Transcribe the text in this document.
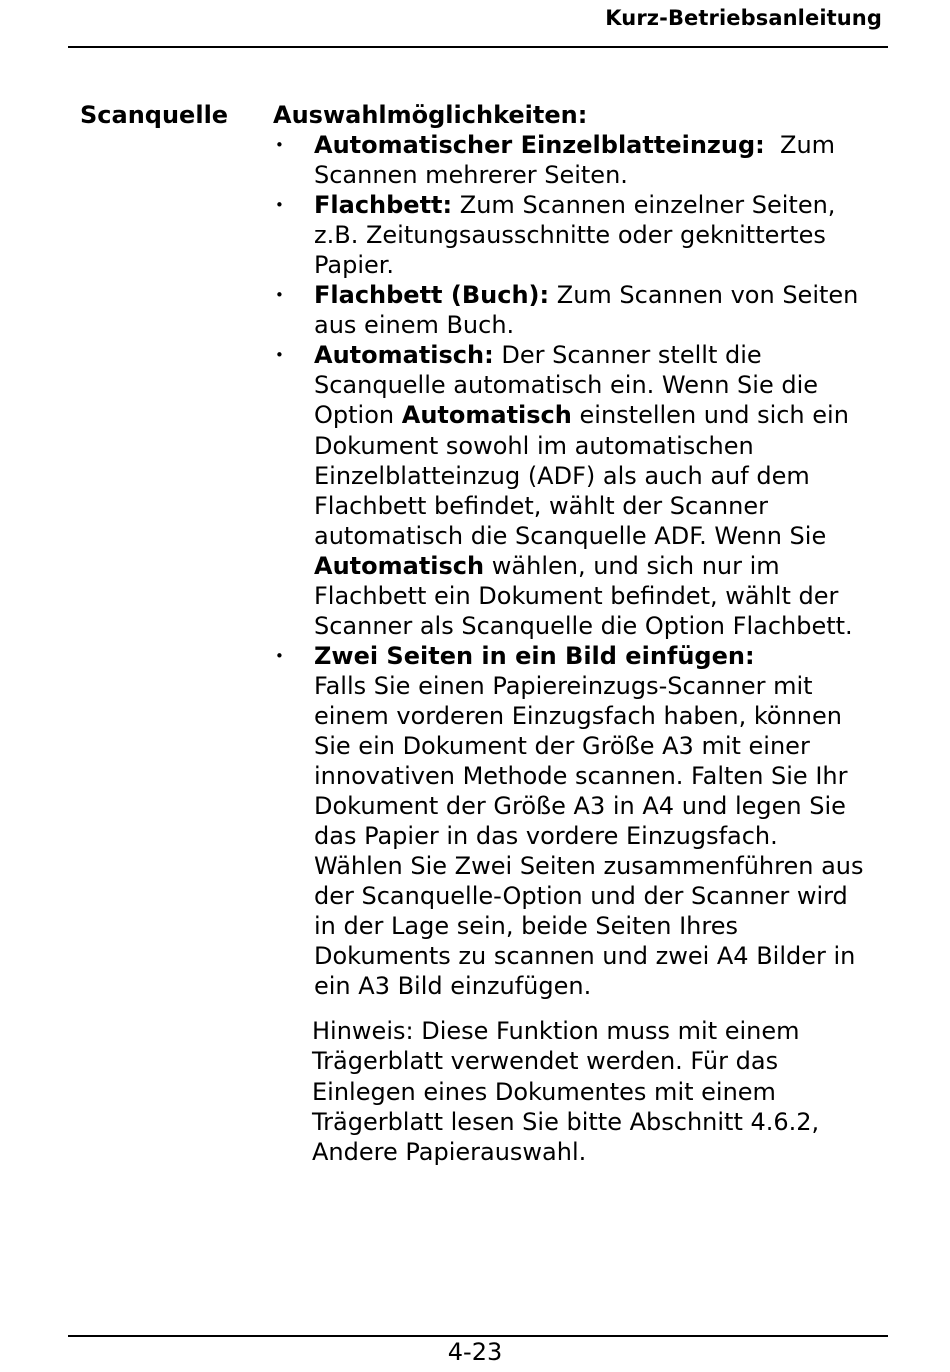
Kurz-Betriebsanleitung
Scanquelle Auswahlmöglichkeiten:

• Automatischer Einzelblatteinzug: Zum Scannen mehrerer Seiten.
• Flachbett: Zum Scannen einzelner Seiten, z.B. Zeitungsausschnitte oder geknittertes Papier.
• Flachbett (Buch): Zum Scannen von Seiten aus einem Buch.
• Automatisch: Der Scanner stellt die Scanquelle automatisch ein. Wenn Sie die Option Automatisch einstellen und sich ein Dokument sowohl im automatischen Einzelblatteinzug (ADF) als auch auf dem Flachbett befindet, wählt der Scanner automatisch die Scanquelle ADF. Wenn Sie Automatisch wählen, und sich nur im Flachbett ein Dokument befindet, wählt der Scanner als Scanquelle die Option Flachbett.
• Zwei Seiten in ein Bild einfügen:
Falls Sie einen Papiereinzugs-Scanner mit einem vorderen Einzugsfach haben, können Sie ein Dokument der Größe A3 mit einer innovativen Methode scannen. Falten Sie Ihr Dokument der Größe A3 in A4 und legen Sie das Papier in das vordere Einzugsfach. Wählen Sie Zwei Seiten zusammenführen aus der Scanquelle-Option und der Scanner wird in der Lage sein, beide Seiten Ihres Dokuments zu scannen und zwei A4 Bilder in ein A3 Bild einzufügen.

Hinweis: Diese Funktion muss mit einem Trägerblatt verwendet werden. Für das Einlegen eines Dokumentes mit einem Trägerblatt lesen Sie bitte Abschnitt 4.6.2, Andere Papierauswahl.

4-23
